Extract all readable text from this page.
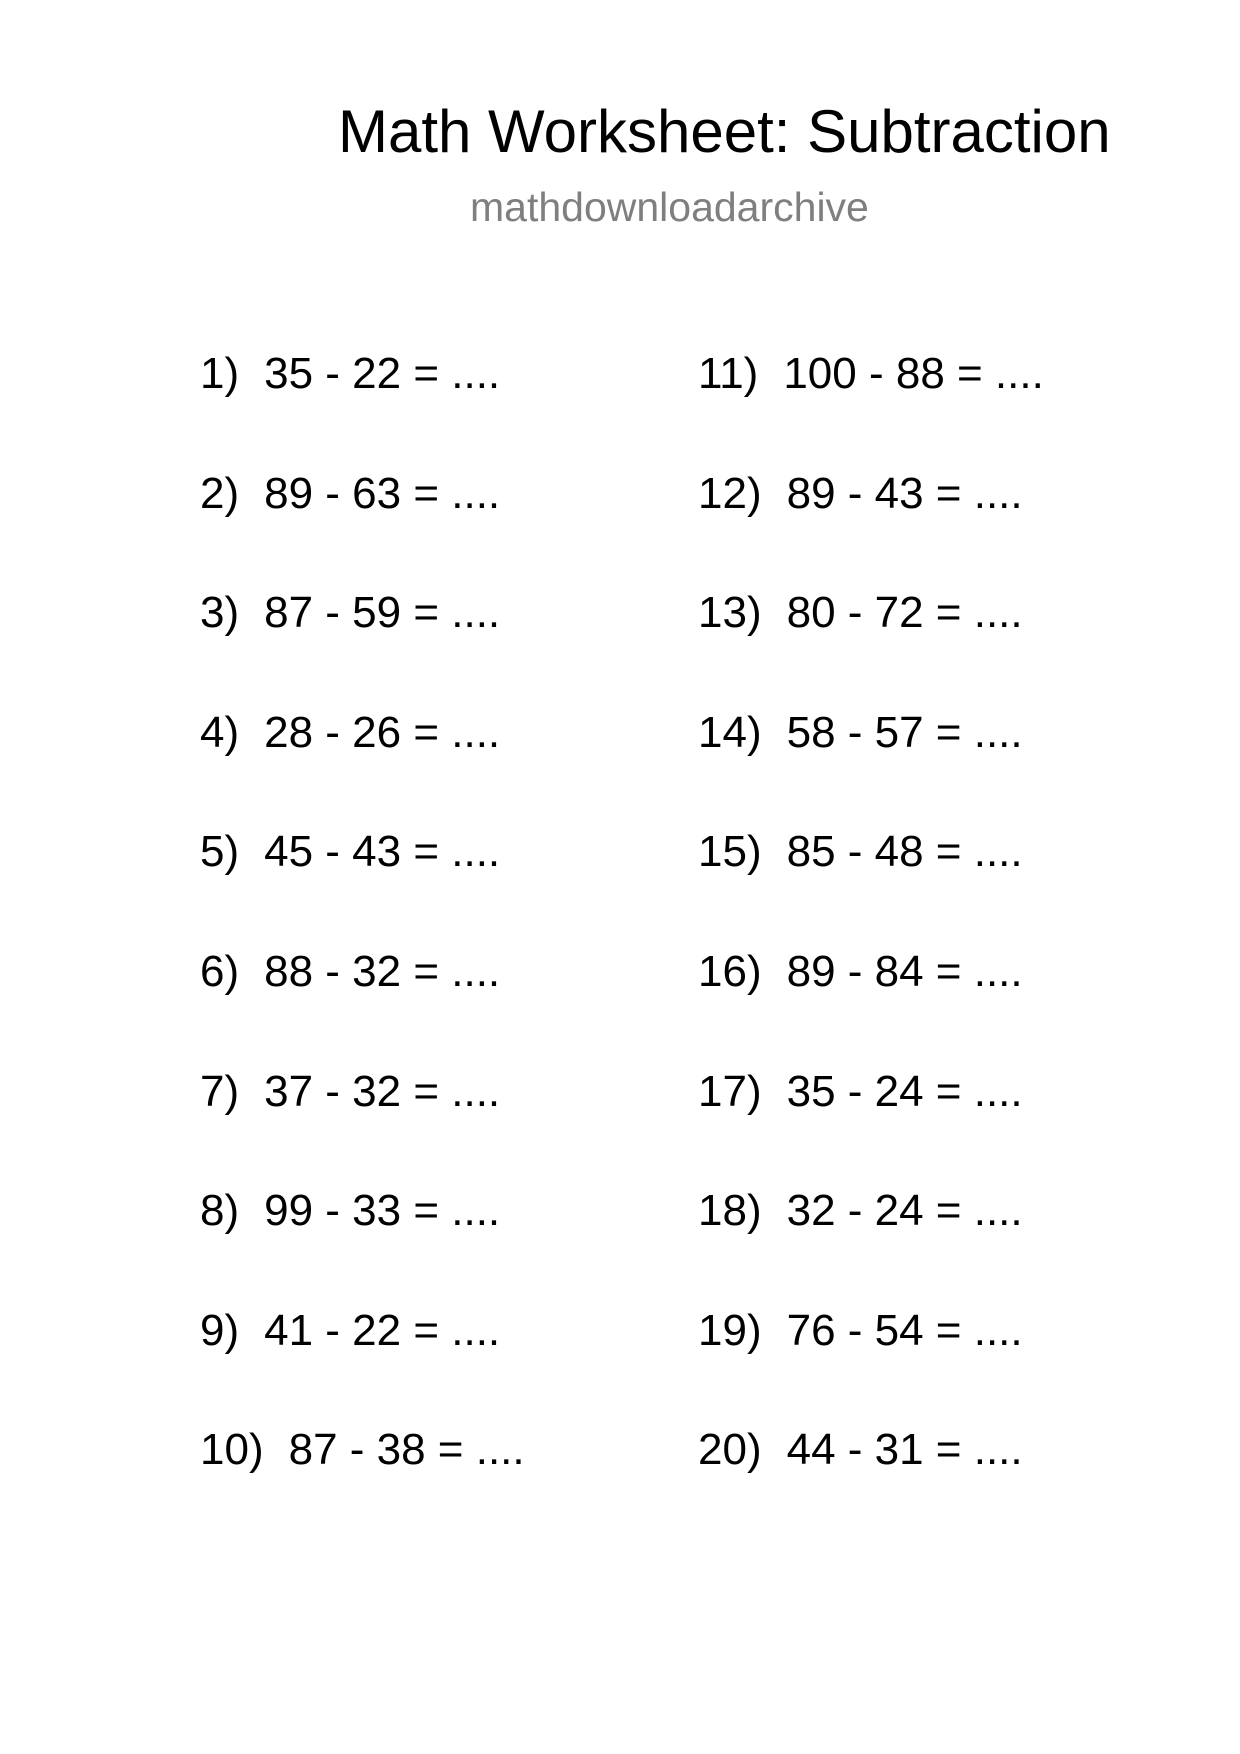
Math Worksheet: Subtraction
mathdownloadarchive
1) 35 - 22 = ....
2) 89 - 63 = ....
3) 87 - 59 = ....
4) 28 - 26 = ....
5) 45 - 43 = ....
6) 88 - 32 = ....
7) 37 - 32 = ....
8) 99 - 33 = ....
9) 41 - 22 = ....
10) 87 - 38 = ....
11) 100 - 88 = ....
12) 89 - 43 = ....
13) 80 - 72 = ....
14) 58 - 57 = ....
15) 85 - 48 = ....
16) 89 - 84 = ....
17) 35 - 24 = ....
18) 32 - 24 = ....
19) 76 - 54 = ....
20) 44 - 31 = ....
